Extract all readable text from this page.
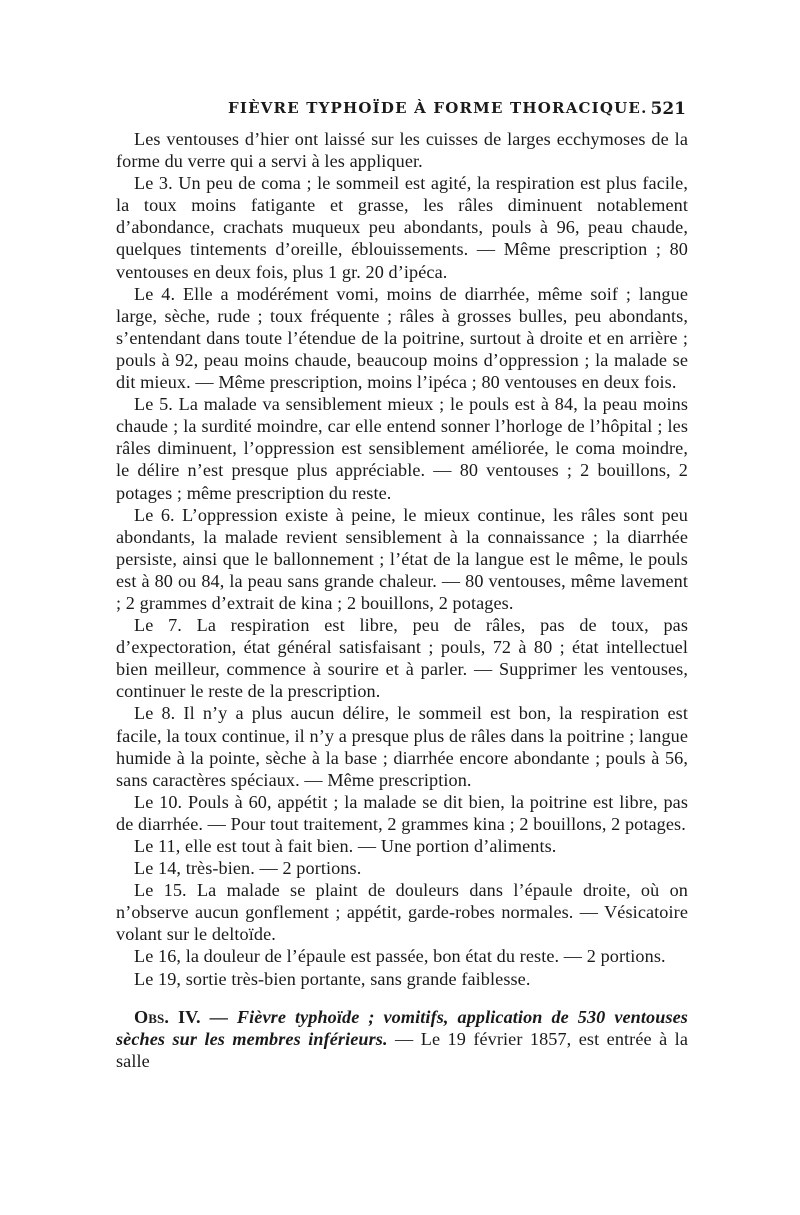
FIÈVRE TYPHOÏDE À FORME THORACIQUE. 521

Les ventouses d’hier ont laissé sur les cuisses de larges ecchymoses de la forme du verre qui a servi à les appliquer.

Le 3. Un peu de coma ; le sommeil est agité, la respiration est plus facile, la toux moins fatigante et grasse, les râles diminuent notablement d’abondance, crachats muqueux peu abondants, pouls à 96, peau chaude, quelques tintements d’oreille, éblouissements. — Même prescription ; 80 ventouses en deux fois, plus 1 gr. 20 d’ipéca.

Le 4. Elle a modérément vomi, moins de diarrhée, même soif ; langue large, sèche, rude ; toux fréquente ; râles à grosses bulles, peu abondants, s’entendant dans toute l’étendue de la poitrine, surtout à droite et en arrière ; pouls à 92, peau moins chaude, beaucoup moins d’oppression ; la malade se dit mieux. — Même prescription, moins l’ipéca ; 80 ventouses en deux fois.

Le 5. La malade va sensiblement mieux ; le pouls est à 84, la peau moins chaude ; la surdité moindre, car elle entend sonner l’horloge de l’hôpital ; les râles diminuent, l’oppression est sensiblement améliorée, le coma moindre, le délire n’est presque plus appréciable. — 80 ventouses ; 2 bouillons, 2 potages ; même prescription du reste.

Le 6. L’oppression existe à peine, le mieux continue, les râles sont peu abondants, la malade revient sensiblement à la connaissance ; la diarrhée persiste, ainsi que le ballonnement ; l’état de la langue est le même, le pouls est à 80 ou 84, la peau sans grande chaleur. — 80 ventouses, même lavement ; 2 grammes d’extrait de kina ; 2 bouillons, 2 potages.

Le 7. La respiration est libre, peu de râles, pas de toux, pas d’expectoration, état général satisfaisant ; pouls, 72 à 80 ; état intellectuel bien meilleur, commence à sourire et à parler. — Supprimer les ventouses, continuer le reste de la prescription.

Le 8. Il n’y a plus aucun délire, le sommeil est bon, la respiration est facile, la toux continue, il n’y a presque plus de râles dans la poitrine ; langue humide à la pointe, sèche à la base ; diarrhée encore abondante ; pouls à 56, sans caractères spéciaux. — Même prescription.

Le 10. Pouls à 60, appétit ; la malade se dit bien, la poitrine est libre, pas de diarrhée. — Pour tout traitement, 2 grammes kina ; 2 bouillons, 2 potages.

Le 11, elle est tout à fait bien. — Une portion d’aliments.

Le 14, très-bien. — 2 portions.

Le 15. La malade se plaint de douleurs dans l’épaule droite, où on n’observe aucun gonflement ; appétit, garde-robes normales. — Vésicatoire volant sur le deltoïde.

Le 16, la douleur de l’épaule est passée, bon état du reste. — 2 portions.

Le 19, sortie très-bien portante, sans grande faiblesse.

Obs. IV. — Fièvre typhoïde ; vomitifs, application de 530 ventouses sèches sur les membres inférieurs. — Le 19 février 1857, est entrée à la salle
